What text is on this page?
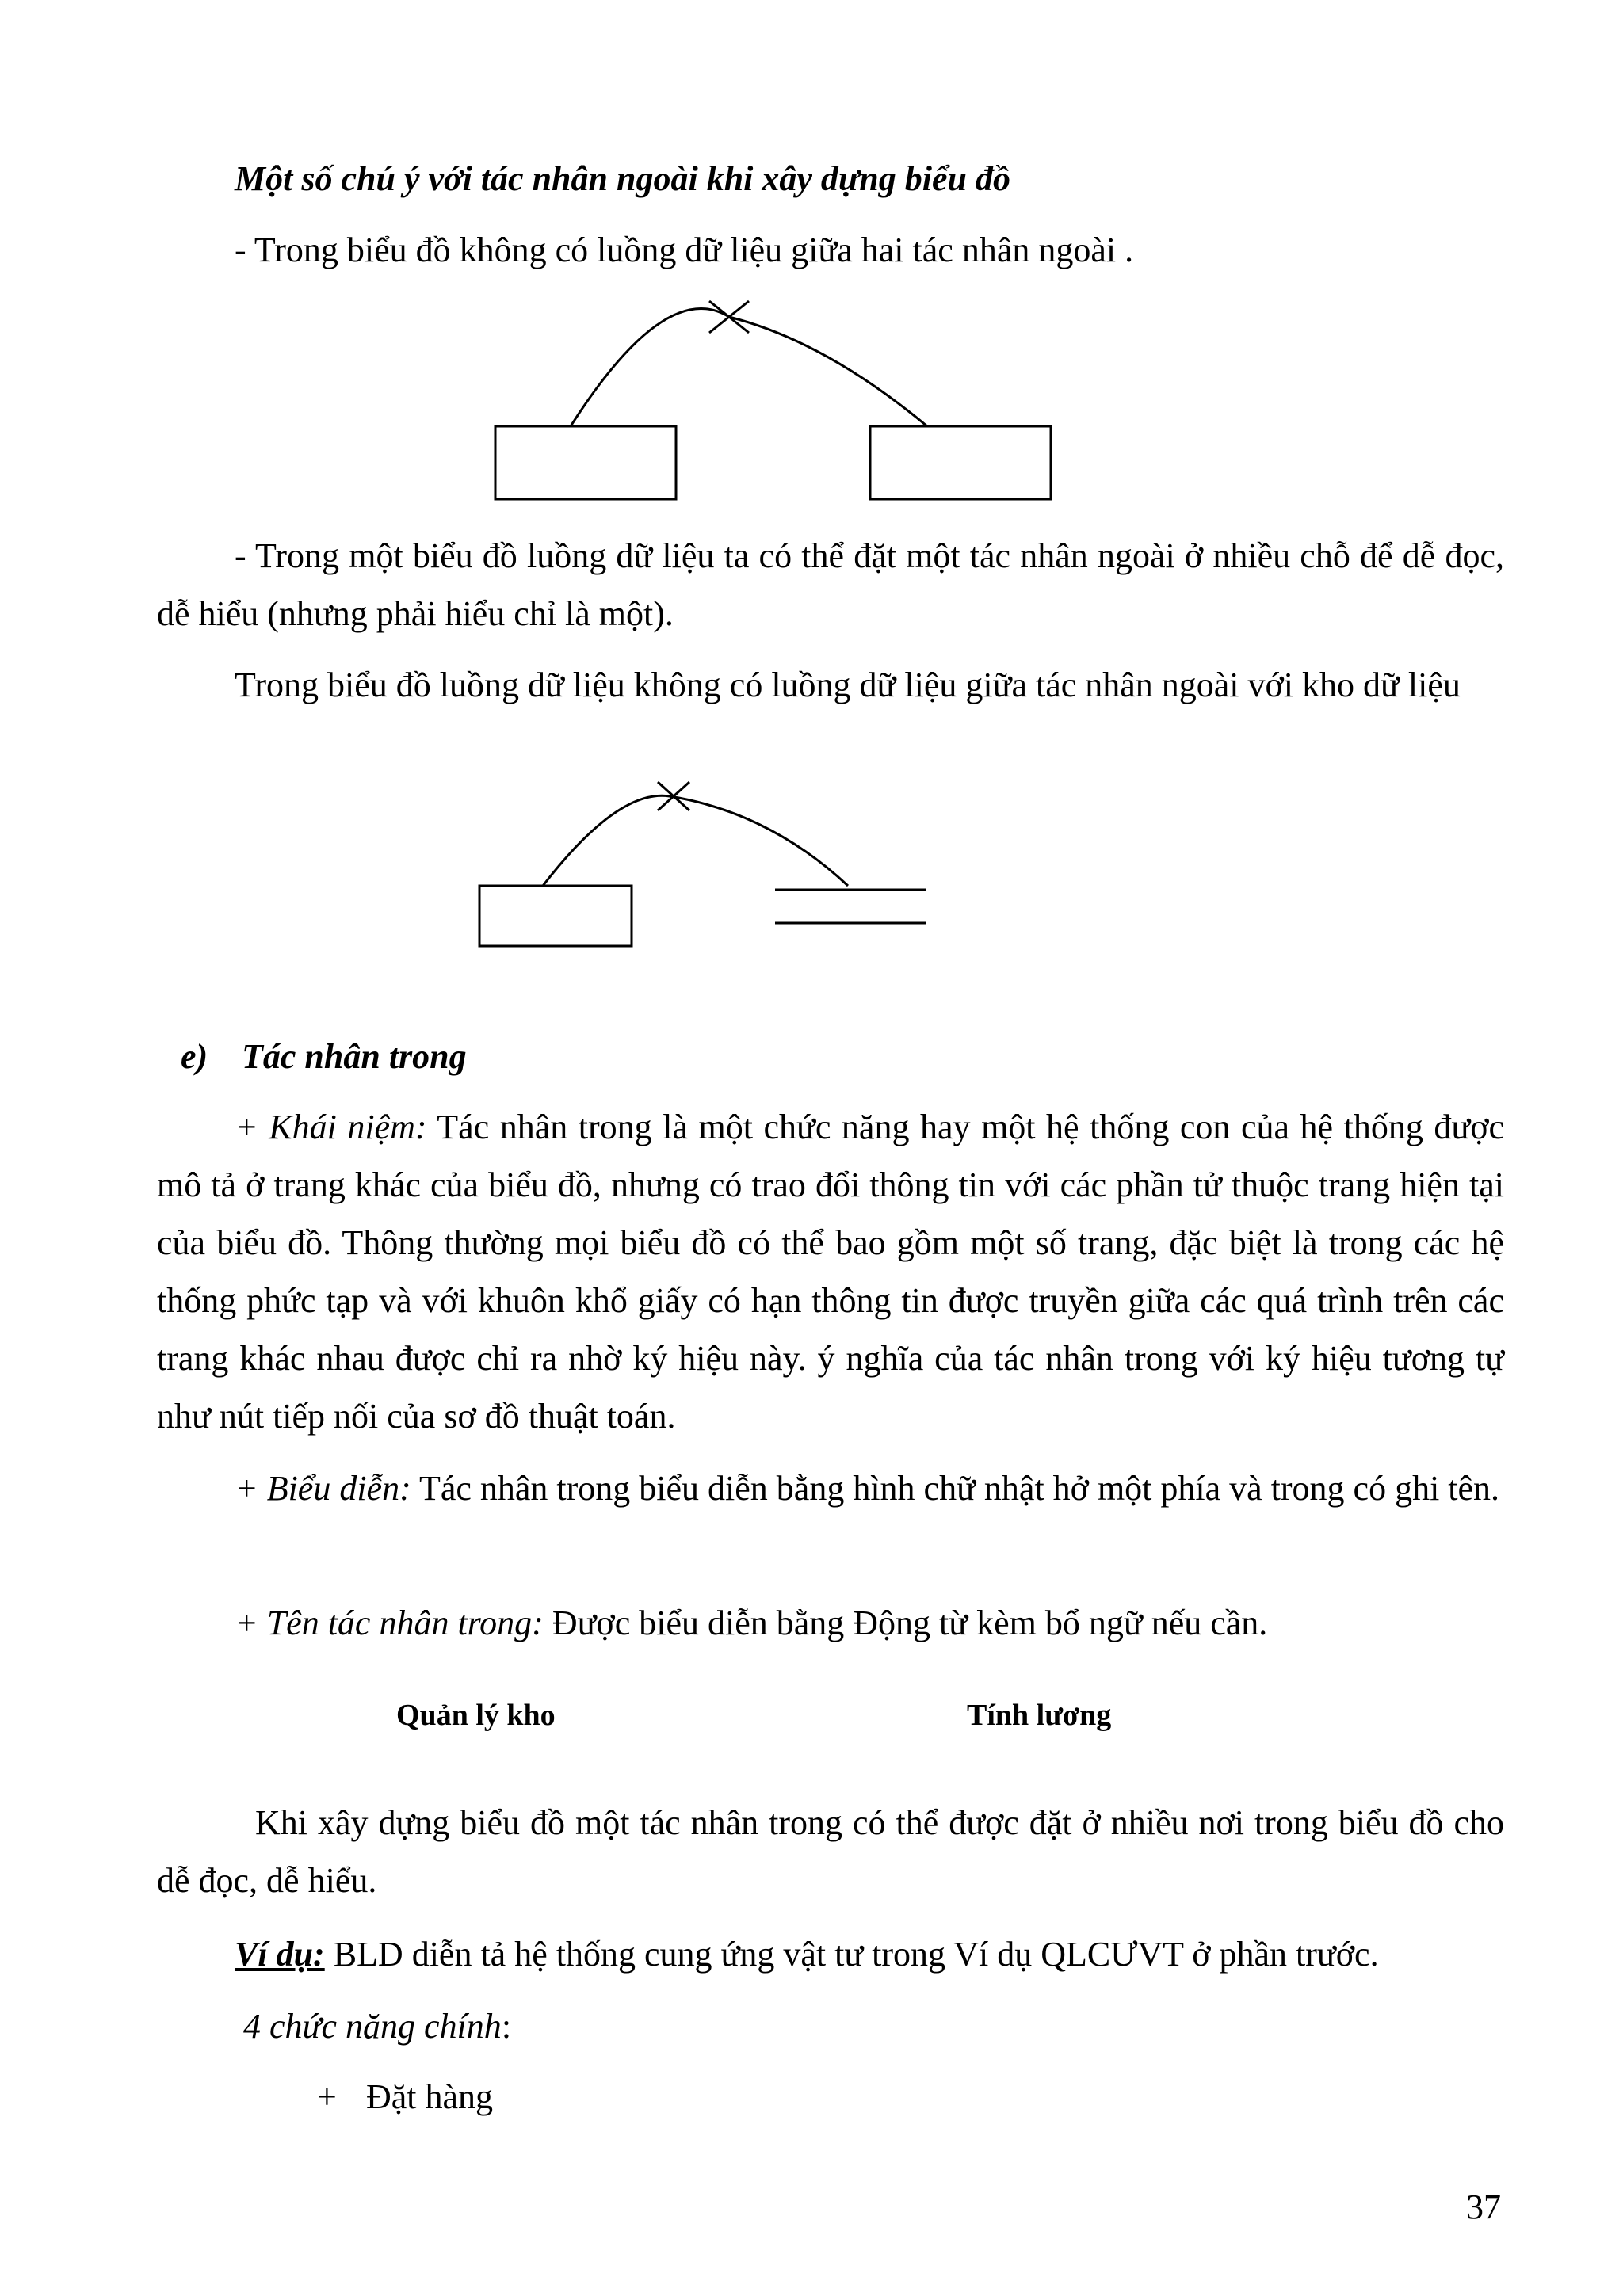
Một số chú ý với tác nhân ngoài khi xây dựng biểu đồ
- Trong biểu đồ không có luồng dữ liệu giữa hai tác nhân ngoài .
- Trong một biểu đồ luồng dữ liệu ta có thể đặt một tác nhân ngoài ở nhiều chỗ để dễ đọc, dễ hiểu (nhưng phải hiểu chỉ là một).
Trong biểu đồ luồng dữ liệu không có luồng dữ liệu giữa tác nhân ngoài với kho dữ liệu
e) Tác nhân trong
+ Khái niệm: Tác nhân trong là một chức năng hay một hệ thống con của hệ thống được mô tả ở trang khác của biểu đồ, nhưng có trao đổi thông tin với các phần tử thuộc trang hiện tại của biểu đồ. Thông thường mọi biểu đồ có thể bao gồm một số trang, đặc biệt là trong các hệ thống phức tạp và với khuôn khổ giấy có hạn thông tin được truyền giữa các quá trình trên các trang khác nhau được chỉ ra nhờ ký hiệu này. ý nghĩa của tác nhân trong với ký hiệu tương tự như nút tiếp nối của sơ đồ thuật toán.
+ Biểu diễn: Tác nhân trong biểu diễn bằng hình chữ nhật hở một phía và trong có ghi tên.
+ Tên tác nhân trong: Được biểu diễn bằng Động từ kèm bổ ngữ nếu cần.
Quản lý kho	Tính lương
Khi xây dựng biểu đồ một tác nhân trong có thể được đặt ở nhiều nơi trong biểu đồ cho dễ đọc, dễ hiểu.
Ví dụ: BLD diễn tả hệ thống cung ứng vật tư trong Ví dụ QLCƯVT ở phần trước.
4 chức năng chính:
+ Đặt hàng
37
